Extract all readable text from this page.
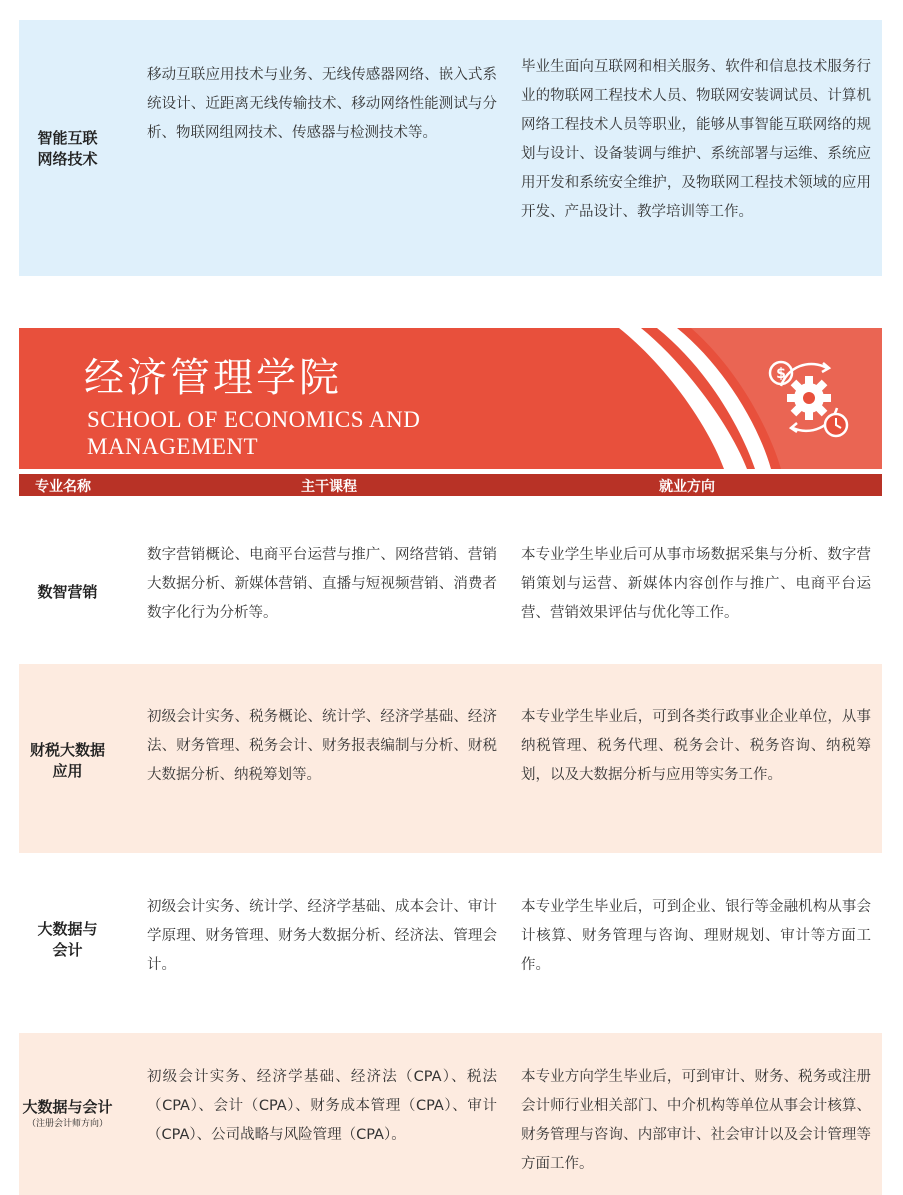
智能互联
网络技术
移动互联应用技术与业务、无线传感器网络、嵌入式系统设计、近距离无线传输技术、移动网络性能测试与分析、物联网组网技术、传感器与检测技术等。
毕业生面向互联网和相关服务、软件和信息技术服务行业的物联网工程技术人员、物联网安装调试员、计算机网络工程技术人员等职业，能够从事智能互联网络的规划与设计、设备装调与维护、系统部署与运维、系统应用开发和系统安全维护，及物联网工程技术领域的应用开发、产品设计、教学培训等工作。
经济管理学院
SCHOOL OF ECONOMICS AND
MANAGEMENT
$
专业名称	主干课程	就业方向
数智营销
数字营销概论、电商平台运营与推广、网络营销、营销大数据分析、新媒体营销、直播与短视频营销、消费者数字化行为分析等。
本专业学生毕业后可从事市场数据采集与分析、数字营销策划与运营、新媒体内容创作与推广、电商平台运营、营销效果评估与优化等工作。
财税大数据
应用
初级会计实务、税务概论、统计学、经济学基础、经济法、财务管理、税务会计、财务报表编制与分析、财税大数据分析、纳税筹划等。
本专业学生毕业后，可到各类行政事业企业单位，从事纳税管理、税务代理、税务会计、税务咨询、纳税筹划，以及大数据分析与应用等实务工作。
大数据与
会计
初级会计实务、统计学、经济学基础、成本会计、审计学原理、财务管理、财务大数据分析、经济法、管理会计。
本专业学生毕业后，可到企业、银行等金融机构从事会计核算、财务管理与咨询、理财规划、审计等方面工作。
大数据与会计
（注册会计师方向）
初级会计实务、经济学基础、经济法（CPA）、税法（CPA）、会计（CPA）、财务成本管理（CPA）、审计（CPA）、公司战略与风险管理（CPA）。
本专业方向学生毕业后，可到审计、财务、税务或注册会计师行业相关部门、中介机构等单位从事会计核算、财务管理与咨询、内部审计、社会审计以及会计管理等方面工作。
